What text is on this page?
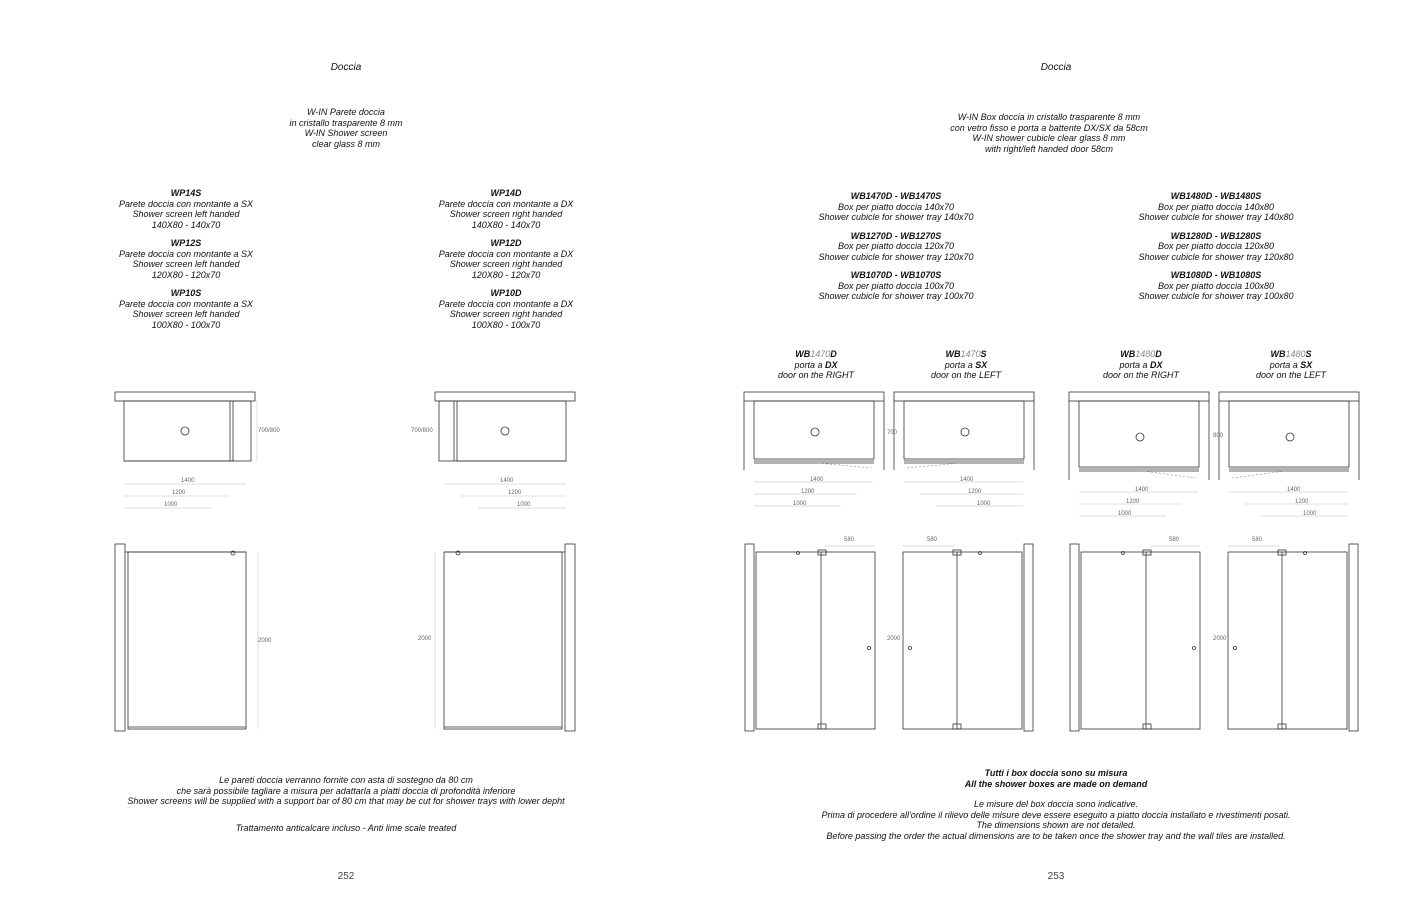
Doccia
W-IN Parete doccia
in cristallo trasparente 8 mm
W-IN Shower screen
clear glass 8 mm
WP14S
Parete doccia con montante a SX
Shower screen left handed
140X80 - 140x70
WP12S
Parete doccia con montante a SX
Shower screen left handed
120X80 - 120x70
WP10S
Parete doccia con montante a SX
Shower screen left handed
100X80 - 100x70
WP14D
Parete doccia con montante a DX
Shower screen right handed
140X80 - 140x70
WP12D
Parete doccia con montante a DX
Shower screen right handed
120X80 - 120x70
WP10D
Parete doccia con montante a DX
Shower screen right handed
100X80 - 100x70
700/800
1400
1200
1000
700/800
1400
1200
1000
2000	2000
Le pareti doccia verranno fornite con asta di sostegno da 80 cm
che sarà possibile tagliare a misura per adattarla a piatti doccia di profondità inferiore
Shower screens will be supplied with a support bar of 80 cm that may be cut for shower trays with lower depht
Trattamento anticalcare incluso - Anti lime scale treated
252
Doccia
W-IN Box doccia in cristallo trasparente 8 mm
con vetro fisso e porta a battente DX/SX da 58cm
W-IN shower cubicle clear glass 8 mm
with right/left handed door 58cm
WB1470D - WB1470S
Box per piatto doccia 140x70
Shower cubicle for shower tray 140x70
WB1270D - WB1270S
Box per piatto doccia 120x70
Shower cubicle for shower tray 120x70
WB1070D - WB1070S
Box per piatto doccia 100x70
Shower cubicle for shower tray 100x70
WB1480D - WB1480S
Box per piatto doccia 140x80
Shower cubicle for shower tray 140x80
WB1280D - WB1280S
Box per piatto doccia 120x80
Shower cubicle for shower tray 120x80
WB1080D - WB1080S
Box per piatto doccia 100x80
Shower cubicle for shower tray 100x80
WB1470D
porta a DX
door on the RIGHT
WB1470S
porta a SX
door on the LEFT
WB1480D
porta a DX
door on the RIGHT
WB1480S
porta a SX
door on the LEFT
1400
1200
1000
700
1400
1200
1000
800
1400
1200
1000
1400
1200
1000
580	580
2000
580	580
2000
Tutti i box doccia sono su misura
All the shower boxes are made on demand
Le misure del box doccia sono indicative.
Prima di procedere all'ordine il rilievo delle misure deve essere eseguito a piatto doccia installato e rivestimenti posati.
The dimensions shown are not detailed.
Before passing the order the actual dimensions are to be taken once the shower tray and the wall tiles are installed.
253
